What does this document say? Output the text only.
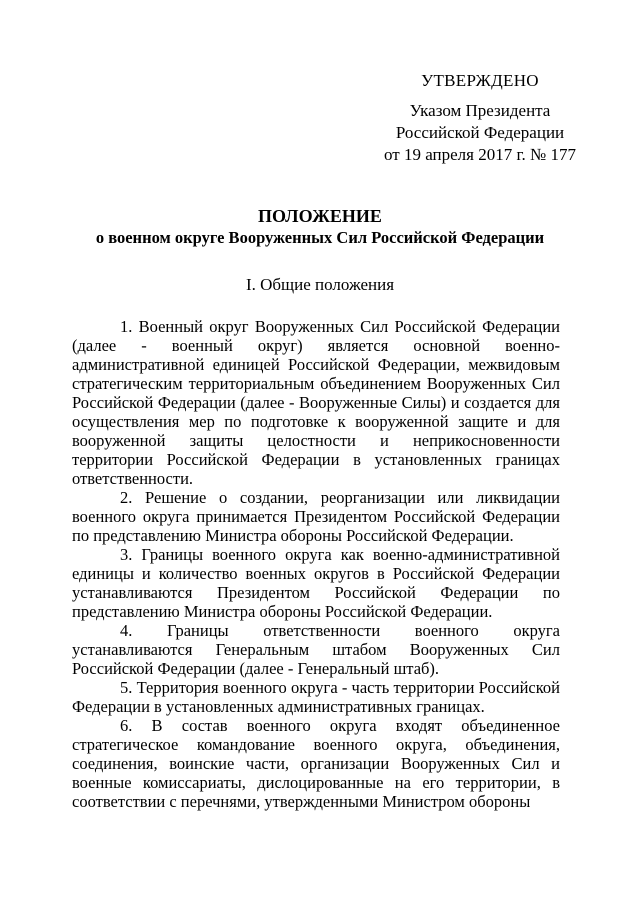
УТВЕРЖДЕНО
Указом Президента
Российской Федерации
от 19 апреля 2017 г. № 177
ПОЛОЖЕНИЕ
о военном округе Вооруженных Сил Российской Федерации
I. Общие положения

1. Военный округ Вооруженных Сил Российской Федерации (далее - военный округ) является основной военно-административной единицей Российской Федерации, межвидовым стратегическим территориальным объединением Вооруженных Сил Российской Федерации (далее - Вооруженные Силы) и создается для осуществления мер по подготовке к вооруженной защите и для вооруженной защиты целостности и неприкосновенности территории Российской Федерации в установленных границах ответственности.

2. Решение о создании, реорганизации или ликвидации военного округа принимается Президентом Российской Федерации по представлению Министра обороны Российской Федерации.

3. Границы военного округа как военно-административной единицы и количество военных округов в Российской Федерации устанавливаются Президентом Российской Федерации по представлению Министра обороны Российской Федерации.

4. Границы ответственности военного округа устанавливаются Генеральным штабом Вооруженных Сил Российской Федерации (далее - Генеральный штаб).

5. Территория военного округа - часть территории Российской Федерации в установленных административных границах.

6. В состав военного округа входят объединенное стратегическое командование военного округа, объединения, соединения, воинские части, организации Вооруженных Сил и военные комиссариаты, дислоцированные на его территории, в соответствии с перечнями, утвержденными Министром обороны
